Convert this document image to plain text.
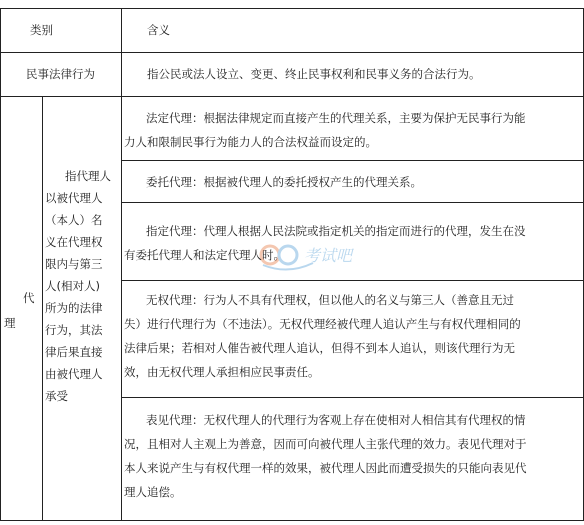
类别	含义
民事法律行为	指公民或法人设立、变更、终止民事权利和民事义务的合法行为。
代
理
指代理人
以被代理人
（本人）名
义在代理权
限内与第三
人(相对人)
所为的法律
行为，其法
律后果直接
由被代理人
承受
法定代理：根据法律规定而直接产生的代理关系，主要为保护无民事行为能
力人和限制民事行为能力人的合法权益而设定的。
委托代理：根据被代理人的委托授权产生的代理关系。
指定代理：代理人根据人民法院或指定机关的指定而进行的代理，发生在没
有委托代理人和法定代理人时。
无权代理：行为人不具有代理权，但以他人的名义与第三人（善意且无过
失）进行代理行为（不违法）。无权代理经被代理人追认产生与有权代理相同的
法律后果；若相对人催告被代理人追认，但得不到本人追认，则该代理行为无
效，由无权代理人承担相应民事责任。
表见代理：无权代理人的代理行为客观上存在使相对人相信其有代理权的情
况，且相对人主观上为善意，因而可向被代理人主张代理的效力。表见代理对于
本人来说产生与有权代理一样的效果，被代理人因此而遭受损失的只能向表见代
理人追偿。
考试吧
